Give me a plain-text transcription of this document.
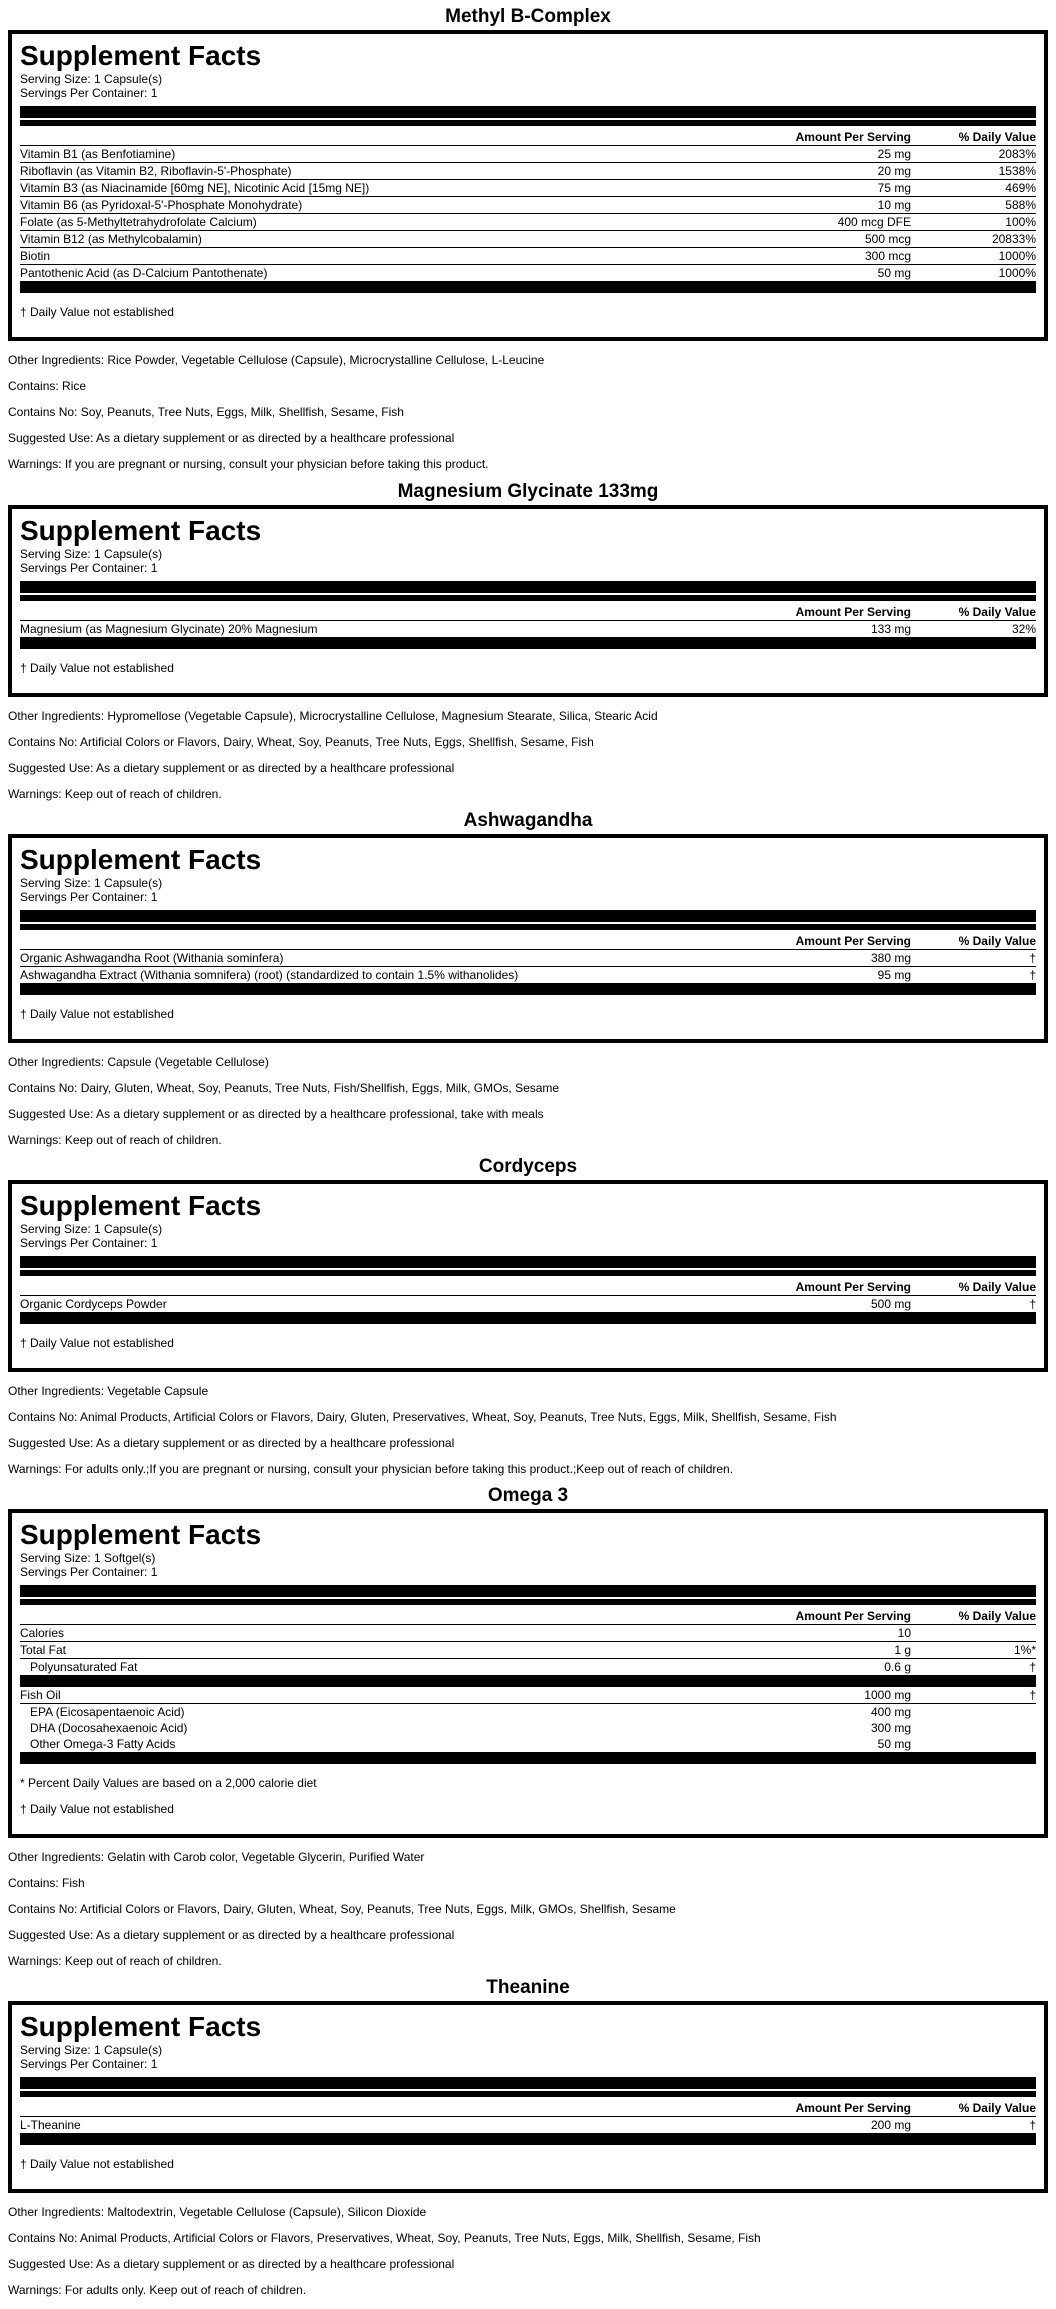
Methyl B-Complex
Supplement Facts
Serving Size: 1 Capsule(s)
Servings Per Container: 1
Amount Per Serving	% Daily Value
Vitamin B1 (as Benfotiamine)	25 mg	2083%
Riboflavin (as Vitamin B2, Riboflavin-5'-Phosphate)	20 mg	1538%
Vitamin B3 (as Niacinamide [60mg NE], Nicotinic Acid [15mg NE])	75 mg	469%
Vitamin B6 (as Pyridoxal-5'-Phosphate Monohydrate)	10 mg	588%
Folate (as 5-Methyltetrahydrofolate Calcium)	400 mcg DFE	100%
Vitamin B12 (as Methylcobalamin)	500 mcg	20833%
Biotin	300 mcg	1000%
Pantothenic Acid (as D-Calcium Pantothenate)	50 mg	1000%
† Daily Value not established

Other Ingredients: Rice Powder, Vegetable Cellulose (Capsule), Microcrystalline Cellulose, L-Leucine

Contains: Rice

Contains No: Soy, Peanuts, Tree Nuts, Eggs, Milk, Shellfish, Sesame, Fish

Suggested Use: As a dietary supplement or as directed by a healthcare professional

Warnings: If you are pregnant or nursing, consult your physician before taking this product.

Magnesium Glycinate 133mg
Supplement Facts
Serving Size: 1 Capsule(s)
Servings Per Container: 1
Amount Per Serving	% Daily Value
Magnesium (as Magnesium Glycinate) 20% Magnesium	133 mg	32%
† Daily Value not established

Other Ingredients: Hypromellose (Vegetable Capsule), Microcrystalline Cellulose, Magnesium Stearate, Silica, Stearic Acid

Contains No: Artificial Colors or Flavors, Dairy, Wheat, Soy, Peanuts, Tree Nuts, Eggs, Shellfish, Sesame, Fish

Suggested Use: As a dietary supplement or as directed by a healthcare professional

Warnings: Keep out of reach of children.

Ashwagandha
Supplement Facts
Serving Size: 1 Capsule(s)
Servings Per Container: 1
Amount Per Serving	% Daily Value
Organic Ashwagandha Root (Withania sominfera)	380 mg	†
Ashwagandha Extract (Withania somnifera) (root) (standardized to contain 1.5% withanolides)	95 mg	†
† Daily Value not established

Other Ingredients: Capsule (Vegetable Cellulose)

Contains No: Dairy, Gluten, Wheat, Soy, Peanuts, Tree Nuts, Fish/Shellfish, Eggs, Milk, GMOs, Sesame

Suggested Use: As a dietary supplement or as directed by a healthcare professional, take with meals

Warnings: Keep out of reach of children.

Cordyceps
Supplement Facts
Serving Size: 1 Capsule(s)
Servings Per Container: 1
Amount Per Serving	% Daily Value
Organic Cordyceps Powder	500 mg	†
† Daily Value not established

Other Ingredients: Vegetable Capsule

Contains No: Animal Products, Artificial Colors or Flavors, Dairy, Gluten, Preservatives, Wheat, Soy, Peanuts, Tree Nuts, Eggs, Milk, Shellfish, Sesame, Fish

Suggested Use: As a dietary supplement or as directed by a healthcare professional

Warnings: For adults only.;If you are pregnant or nursing, consult your physician before taking this product.;Keep out of reach of children.

Omega 3
Supplement Facts
Serving Size: 1 Softgel(s)
Servings Per Container: 1
Amount Per Serving	% Daily Value
Calories	10
Total Fat	1 g	1%*
Polyunsaturated Fat	0.6 g	†
Fish Oil	1000 mg	†
EPA (Eicosapentaenoic Acid)	400 mg
DHA (Docosahexaenoic Acid)	300 mg
Other Omega-3 Fatty Acids	50 mg
* Percent Daily Values are based on a 2,000 calorie diet
† Daily Value not established

Other Ingredients: Gelatin with Carob color, Vegetable Glycerin, Purified Water

Contains: Fish

Contains No: Artificial Colors or Flavors, Dairy, Gluten, Wheat, Soy, Peanuts, Tree Nuts, Eggs, Milk, GMOs, Shellfish, Sesame

Suggested Use: As a dietary supplement or as directed by a healthcare professional

Warnings: Keep out of reach of children.

Theanine
Supplement Facts
Serving Size: 1 Capsule(s)
Servings Per Container: 1
Amount Per Serving	% Daily Value
L-Theanine	200 mg	†
† Daily Value not established

Other Ingredients: Maltodextrin, Vegetable Cellulose (Capsule), Silicon Dioxide

Contains No: Animal Products, Artificial Colors or Flavors, Preservatives, Wheat, Soy, Peanuts, Tree Nuts, Eggs, Milk, Shellfish, Sesame, Fish

Suggested Use: As a dietary supplement or as directed by a healthcare professional

Warnings: For adults only. Keep out of reach of children.
